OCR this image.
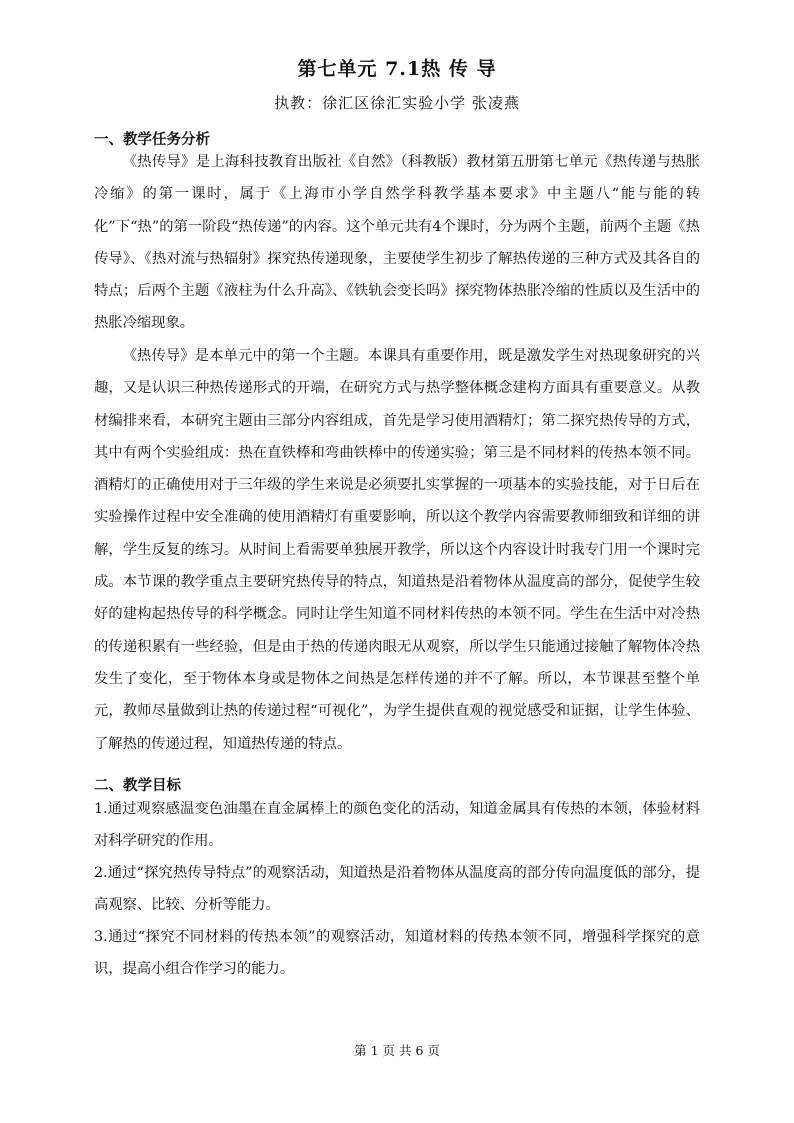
第七单元 7.1热 传 导
执教：徐汇区徐汇实验小学 张凌燕
一、教学任务分析

《热传导》是上海科技教育出版社《自然》（科教版）教材第五册第七单元《热传递与热胀冷缩》的第一课时，属于《上海市小学自然学科教学基本要求》中主题八“能与能的转化”下“热”的第一阶段“热传递”的内容。这个单元共有4个课时，分为两个主题，前两个主题《热传导》、《热对流与热辐射》探究热传递现象，主要使学生初步了解热传递的三种方式及其各自的特点；后两个主题《液柱为什么升高》、《铁轨会变长吗》探究物体热胀冷缩的性质以及生活中的热胀冷缩现象。

《热传导》是本单元中的第一个主题。本课具有重要作用，既是激发学生对热现象研究的兴趣，又是认识三种热传递形式的开端，在研究方式与热学整体概念建构方面具有重要意义。从教材编排来看，本研究主题由三部分内容组成，首先是学习使用酒精灯；第二探究热传导的方式，其中有两个实验组成：热在直铁棒和弯曲铁棒中的传递实验；第三是不同材料的传热本领不同。酒精灯的正确使用对于三年级的学生来说是必须要扎实掌握的一项基本的实验技能，对于日后在实验操作过程中安全准确的使用酒精灯有重要影响，所以这个教学内容需要教师细致和详细的讲解，学生反复的练习。从时间上看需要单独展开教学，所以这个内容设计时我专门用一个课时完成。本节课的教学重点主要研究热传导的特点，知道热是沿着物体从温度高的部分，促使学生较好的建构起热传导的科学概念。同时让学生知道不同材料传热的本领不同。学生在生活中对冷热的传递积累有一些经验，但是由于热的传递肉眼无从观察，所以学生只能通过接触了解物体冷热发生了变化，至于物体本身或是物体之间热是怎样传递的并不了解。所以，本节课甚至整个单元，教师尽量做到让热的传递过程“可视化”，为学生提供直观的视觉感受和证据，让学生体验、了解热的传递过程，知道热传递的特点。

二、教学目标

1.通过观察感温变色油墨在直金属棒上的颜色变化的活动，知道金属具有传热的本领，体验材料对科学研究的作用。

2.通过“探究热传导特点”的观察活动，知道热是沿着物体从温度高的部分传向温度低的部分，提高观察、比较、分析等能力。

3.通过“探究不同材料的传热本领”的观察活动，知道材料的传热本领不同，增强科学探究的意识，提高小组合作学习的能力。

第 1 页 共 6 页
